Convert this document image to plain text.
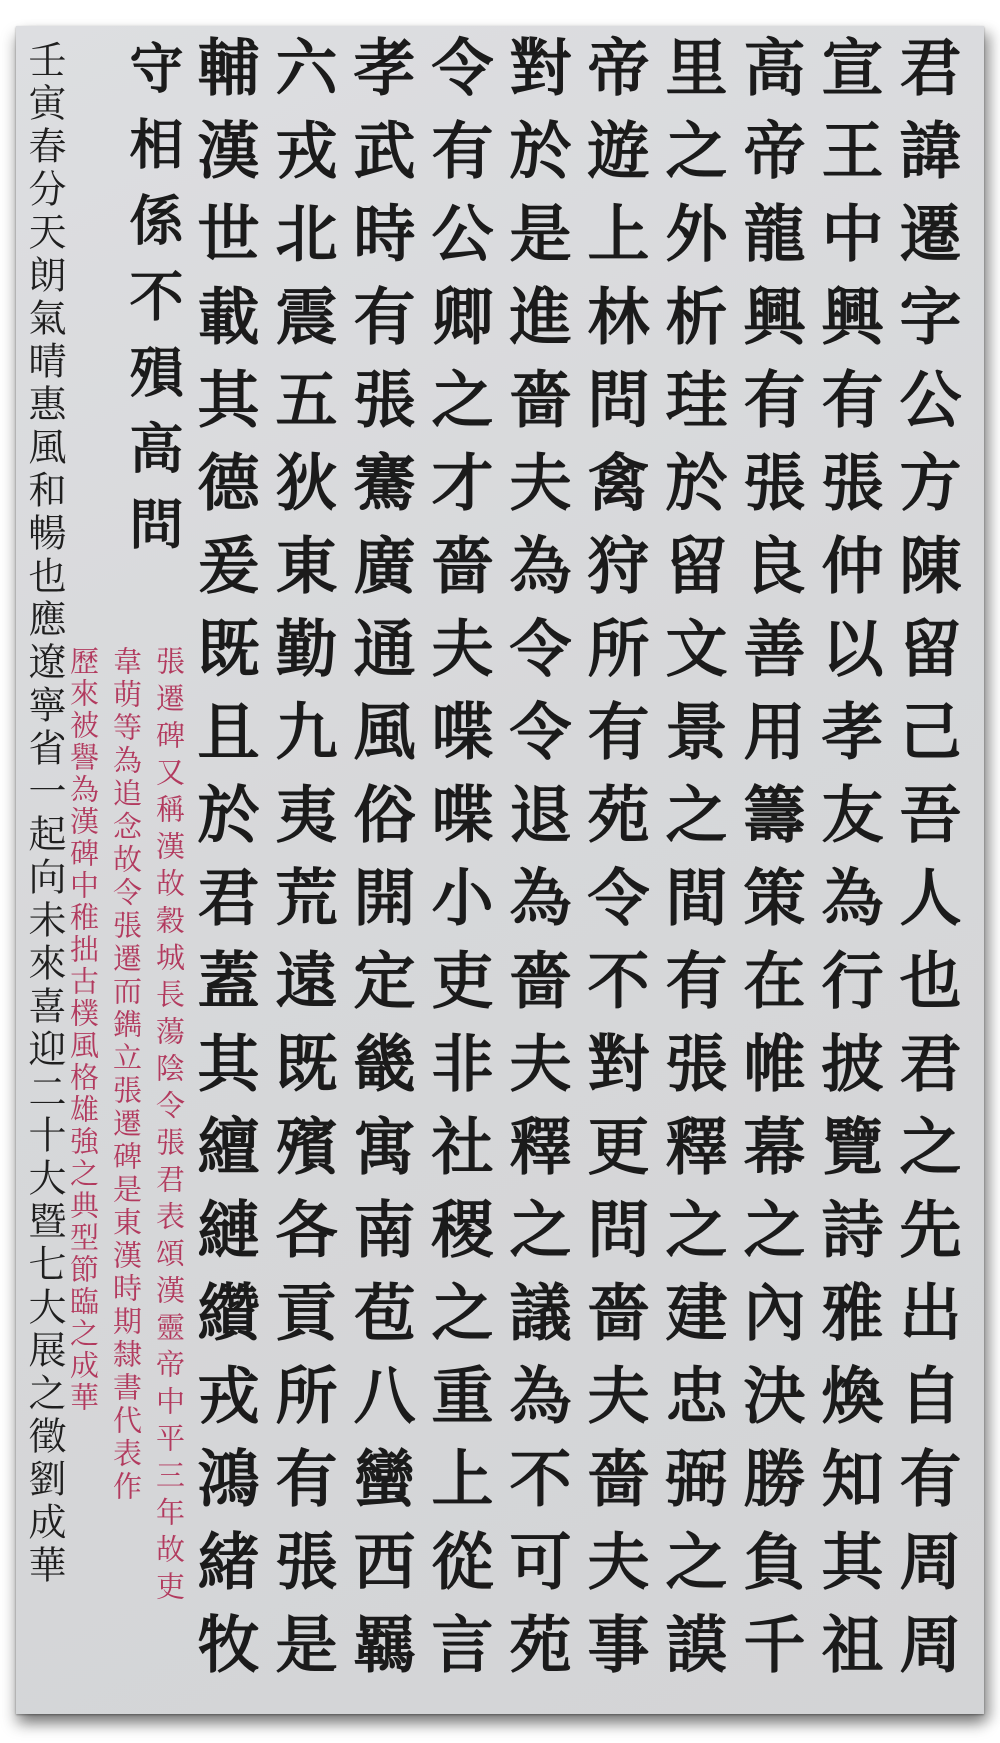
君諱遷字公方陳留己吾人也君之先出自有周周
宣王中興有張仲以孝友為行披覽詩雅煥知其祖
高帝龍興有張良善用籌策在帷幕之內決勝負千
里之外析珪於留文景之間有張釋之建忠弼之謨
帝遊上林問禽狩所有苑令不對更問嗇夫嗇夫事
對於是進嗇夫為令令退為嗇夫釋之議為不可苑
令有公卿之才嗇夫喋喋小吏非社稷之重上從言
孝武時有張騫廣通風俗開定畿寓南苞八蠻西羈
六戎北震五狄東勤九夷荒遠既殯各貢所有張是
輔漢世載其德爰既且於君蓋其繵縺纘戎鴻緒牧
守相係不殞高問
張遷碑又稱漢故穀城長蕩陰令張君表頌漢靈帝中平三年故吏
韋萌等為追念故令張遷而鐫立張遷碑是東漢時期隸書代表作
歷來被譽為漢碑中稚拙古樸風格雄強之典型節臨之成華
壬寅春分天朗氣晴惠風和暢也應遼寧省一起向未來喜迎二十大暨七大展之徵劉成華
